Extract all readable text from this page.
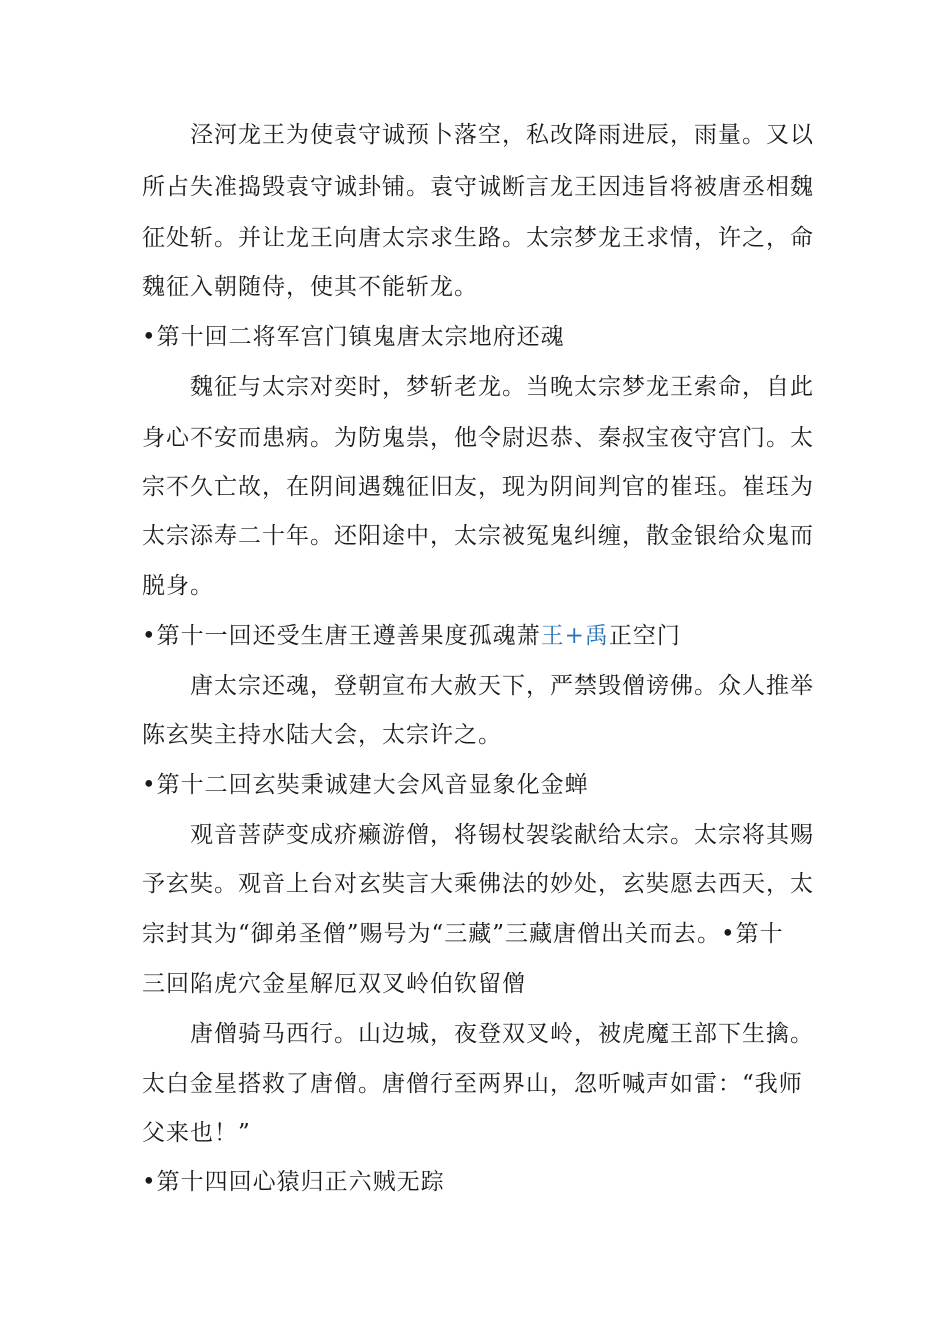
　　泾河龙王为使袁守诚预卜落空，私改降雨进辰，雨量。又以
所占失准捣毁袁守诚卦铺。袁守诚断言龙王因违旨将被唐丞相魏
征处斩。并让龙王向唐太宗求生路。太宗梦龙王求情，许之，命
魏征入朝随侍，使其不能斩龙。
•第十回二将军宫门镇鬼唐太宗地府还魂
　　魏征与太宗对奕时，梦斩老龙。当晚太宗梦龙王索命，自此
身心不安而患病。为防鬼祟，他令尉迟恭、秦叔宝夜守宫门。太
宗不久亡故，在阴间遇魏征旧友，现为阴间判官的崔珏。崔珏为
太宗添寿二十年。还阳途中，太宗被冤鬼纠缠，散金银给众鬼而
脱身。
•第十一回还受生唐王遵善果度孤魂萧王+禹正空门
　　唐太宗还魂，登朝宣布大赦天下，严禁毁僧谤佛。众人推举
陈玄奘主持水陆大会，太宗许之。
•第十二回玄奘秉诚建大会风音显象化金蝉
　　观音菩萨变成疥癞游僧，将锡杖袈裟献给太宗。太宗将其赐
予玄奘。观音上台对玄奘言大乘佛法的妙处，玄奘愿去西天，太
宗封其为“御弟圣僧”赐号为“三藏”三藏唐僧出关而去。•第十
三回陷虎穴金星解厄双叉岭伯钦留僧
　　唐僧骑马西行。山边城，夜登双叉岭，被虎魔王部下生擒。
太白金星搭救了唐僧。唐僧行至两界山，忽听喊声如雷：“我师
父来也！”
•第十四回心猿归正六贼无踪
